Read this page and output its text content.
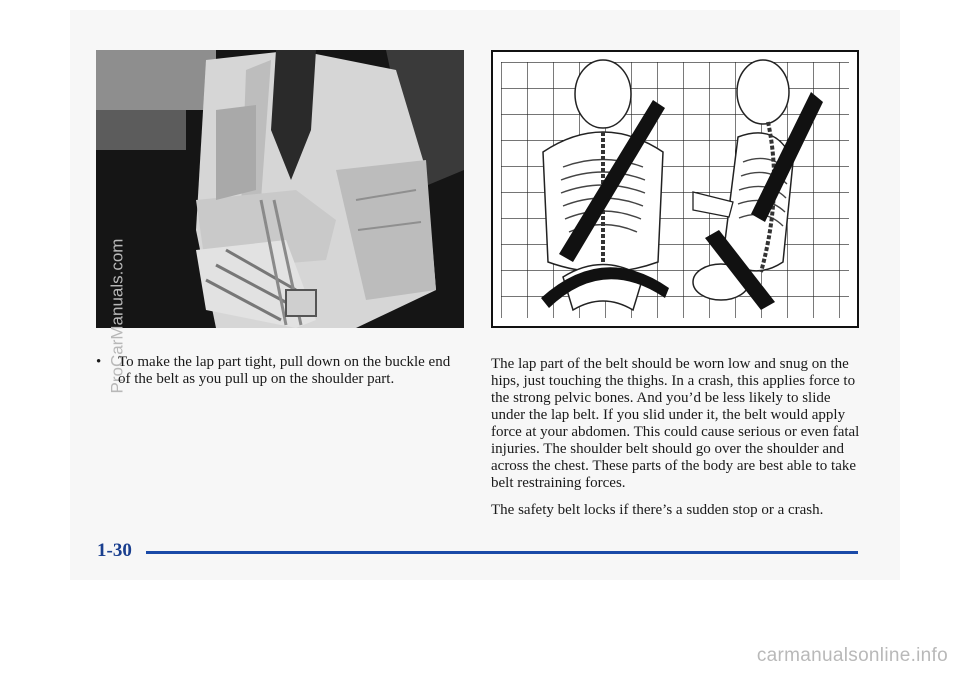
ProCarManuals.com
•	To make the lap part tight, pull down on the buckle end of the belt as you pull up on the shoulder part.

The lap part of the belt should be worn low and snug on the hips, just touching the thighs. In a crash, this applies force to the strong pelvic bones. And you’d be less likely to slide under the lap belt. If you slid under it, the belt would apply force at your abdomen. This could cause serious or even fatal injuries. The shoulder belt should go over the shoulder and across the chest. These parts of the body are best able to take belt restraining forces.

The safety belt locks if there’s a sudden stop or a crash.

1-30
carmanualsonline.info
